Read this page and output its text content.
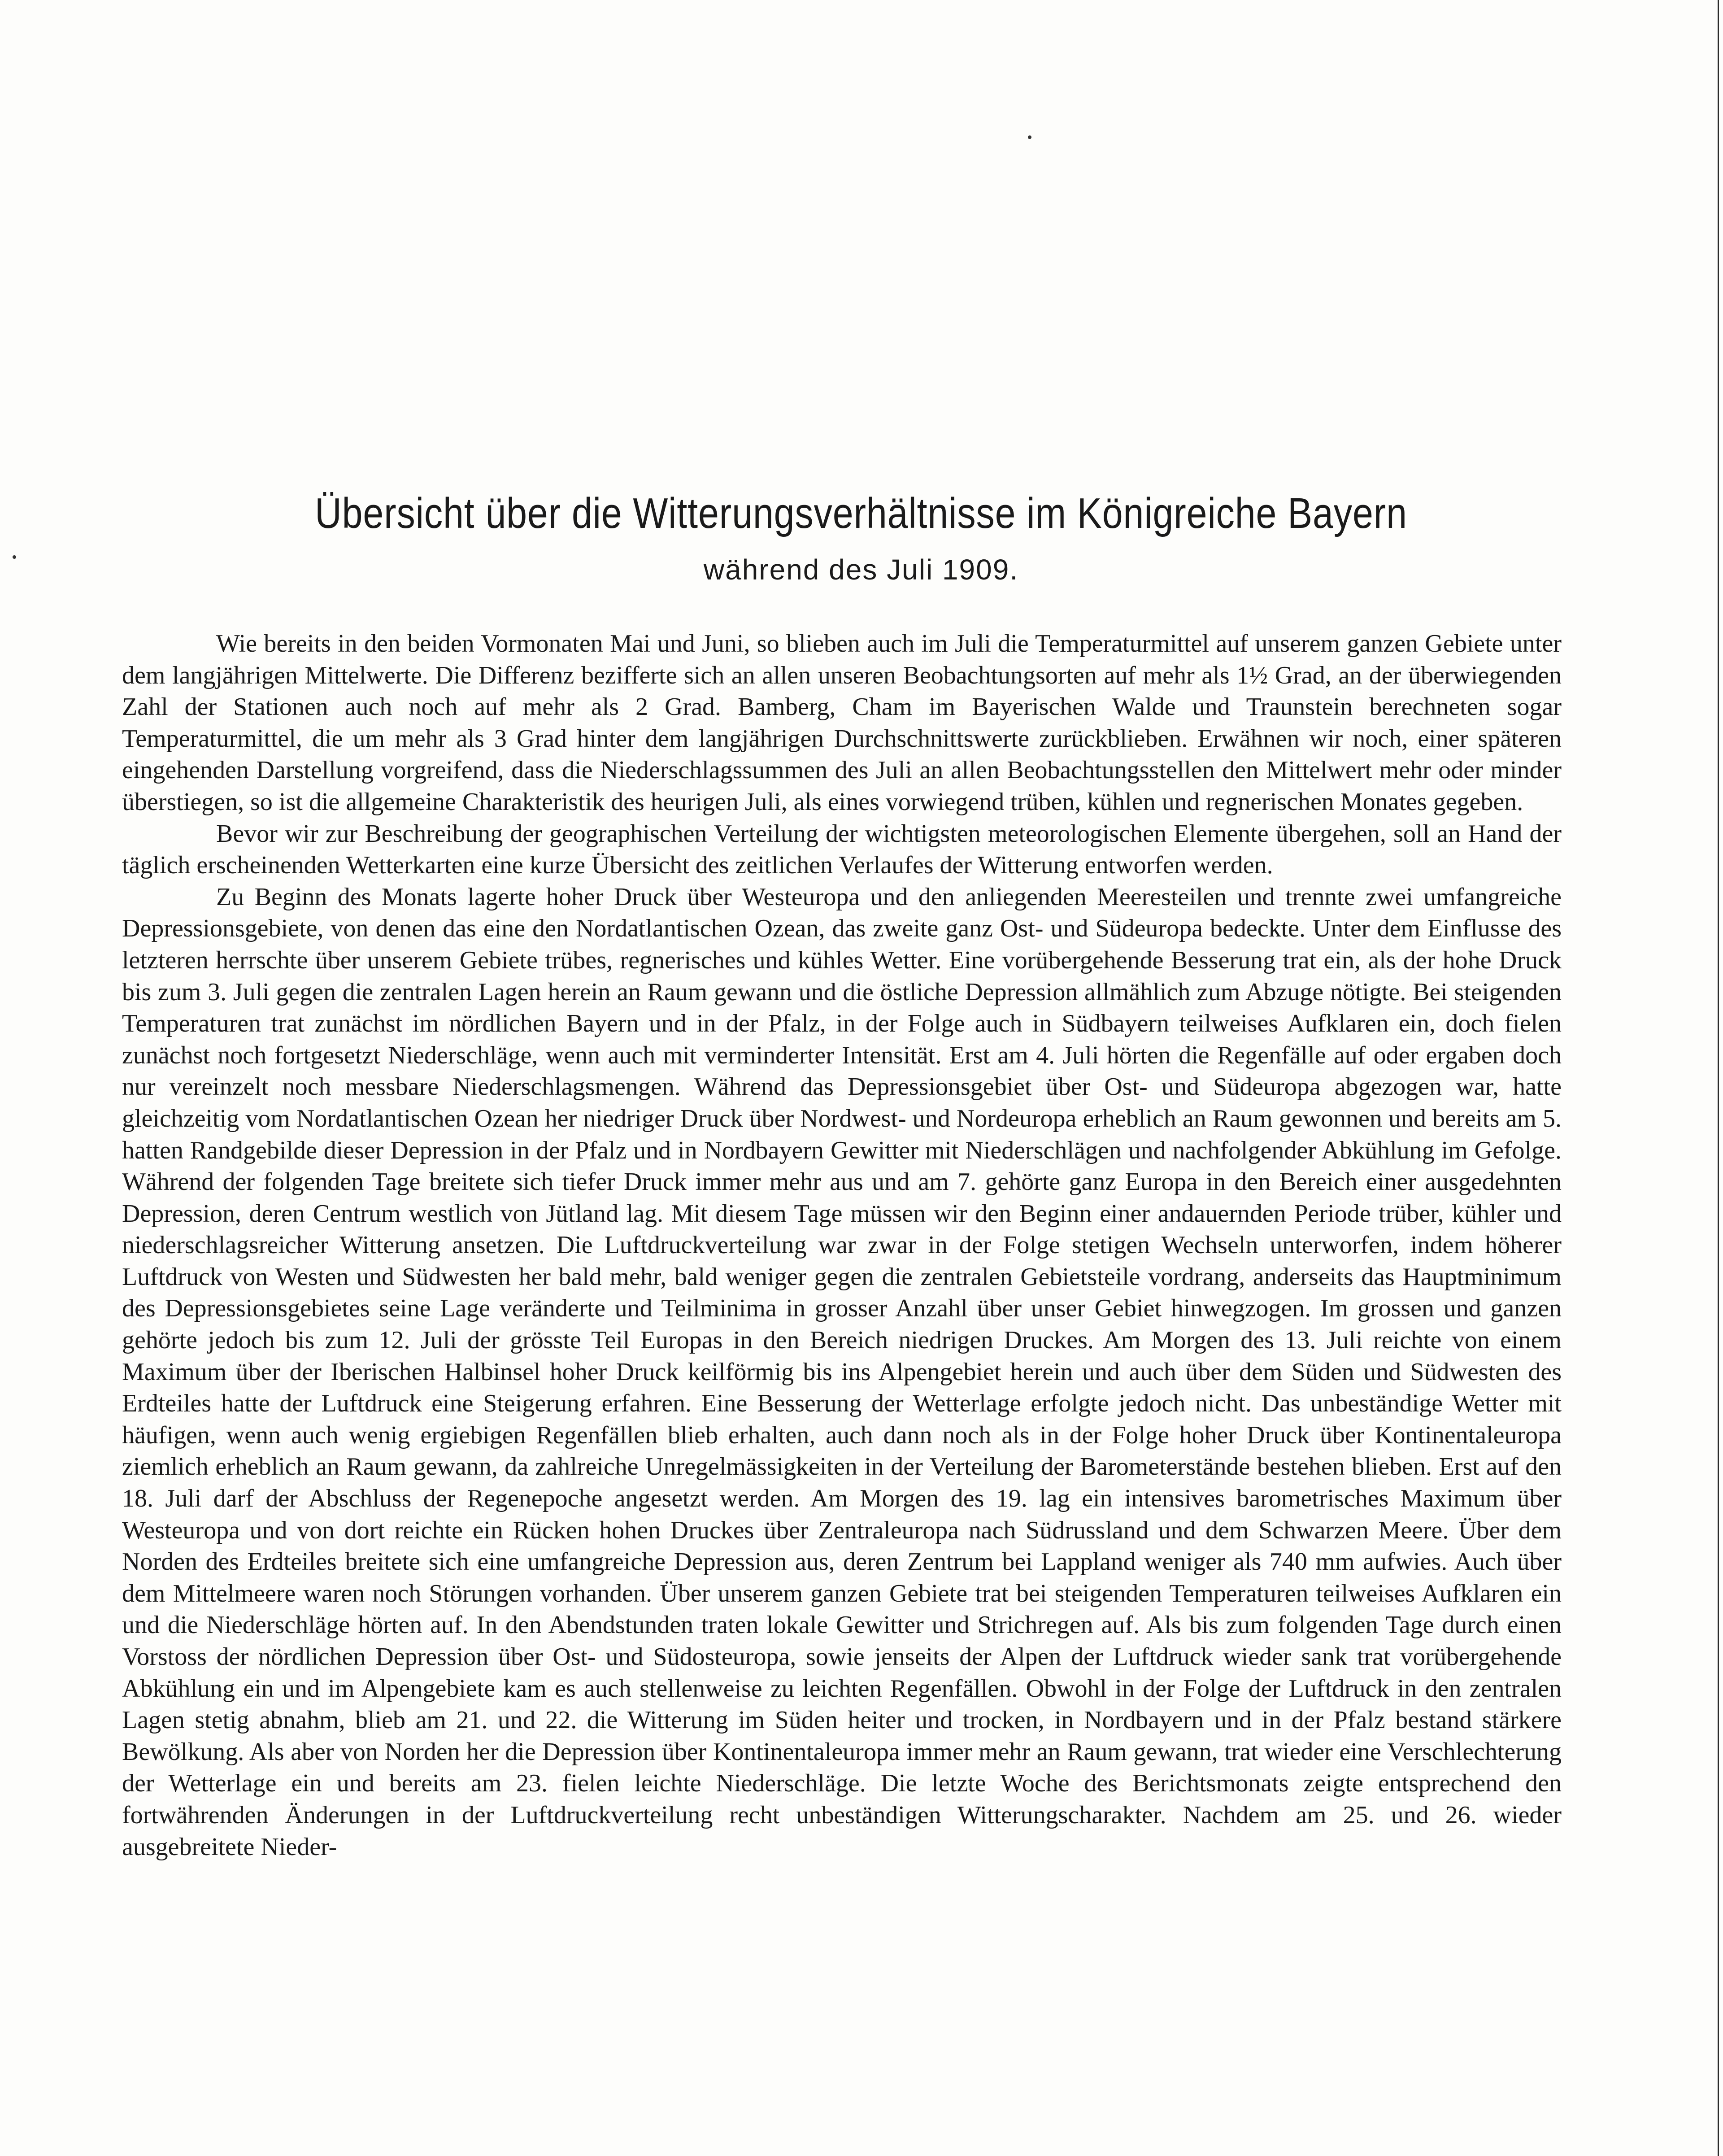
Übersicht über die Witterungsverhältnisse im Königreiche Bayern
während des Juli 1909.

Wie bereits in den beiden Vormonaten Mai und Juni, so blieben auch im Juli die Temperaturmittel auf unserem ganzen Gebiete unter dem langjährigen Mittelwerte. Die Differenz bezifferte sich an allen unseren Beobachtungsorten auf mehr als 1½ Grad, an der überwiegenden Zahl der Stationen auch noch auf mehr als 2 Grad. Bamberg, Cham im Bayerischen Walde und Traunstein berechneten sogar Temperaturmittel, die um mehr als 3 Grad hinter dem langjährigen Durchschnittswerte zurückblieben. Erwähnen wir noch, einer späteren eingehenden Darstellung vorgreifend, dass die Niederschlagssummen des Juli an allen Beobachtungsstellen den Mittelwert mehr oder minder überstiegen, so ist die allgemeine Charakteristik des heurigen Juli, als eines vorwiegend trüben, kühlen und regnerischen Monates gegeben.

Bevor wir zur Beschreibung der geographischen Verteilung der wichtigsten meteorologischen Elemente übergehen, soll an Hand der täglich erscheinenden Wetterkarten eine kurze Übersicht des zeitlichen Verlaufes der Witterung entworfen werden.

Zu Beginn des Monats lagerte hoher Druck über Westeuropa und den anliegenden Meeresteilen und trennte zwei umfangreiche Depressionsgebiete, von denen das eine den Nordatlantischen Ozean, das zweite ganz Ost- und Südeuropa bedeckte. Unter dem Einflusse des letzteren herrschte über unserem Gebiete trübes, regnerisches und kühles Wetter. Eine vorübergehende Besserung trat ein, als der hohe Druck bis zum 3. Juli gegen die zentralen Lagen herein an Raum gewann und die östliche Depression allmählich zum Abzuge nötigte. Bei steigenden Temperaturen trat zunächst im nördlichen Bayern und in der Pfalz, in der Folge auch in Südbayern teilweises Aufklaren ein, doch fielen zunächst noch fortgesetzt Niederschläge, wenn auch mit verminderter Intensität. Erst am 4. Juli hörten die Regenfälle auf oder ergaben doch nur vereinzelt noch messbare Niederschlagsmengen. Während das Depressionsgebiet über Ost- und Südeuropa abgezogen war, hatte gleichzeitig vom Nordatlantischen Ozean her niedriger Druck über Nordwest- und Nordeuropa erheblich an Raum gewonnen und bereits am 5. hatten Randgebilde dieser Depression in der Pfalz und in Nordbayern Gewitter mit Niederschlägen und nachfolgender Abkühlung im Gefolge. Während der folgenden Tage breitete sich tiefer Druck immer mehr aus und am 7. gehörte ganz Europa in den Bereich einer ausgedehnten Depression, deren Centrum westlich von Jütland lag. Mit diesem Tage müssen wir den Beginn einer andauernden Periode trüber, kühler und niederschlagsreicher Witterung ansetzen. Die Luftdruckverteilung war zwar in der Folge stetigen Wechseln unterworfen, indem höherer Luftdruck von Westen und Südwesten her bald mehr, bald weniger gegen die zentralen Gebietsteile vordrang, anderseits das Hauptminimum des Depressionsgebietes seine Lage veränderte und Teilminima in grosser Anzahl über unser Gebiet hinwegzogen. Im grossen und ganzen gehörte jedoch bis zum 12. Juli der grösste Teil Europas in den Bereich niedrigen Druckes. Am Morgen des 13. Juli reichte von einem Maximum über der Iberischen Halbinsel hoher Druck keilförmig bis ins Alpengebiet herein und auch über dem Süden und Südwesten des Erdteiles hatte der Luftdruck eine Steigerung erfahren. Eine Besserung der Wetterlage erfolgte jedoch nicht. Das unbeständige Wetter mit häufigen, wenn auch wenig ergiebigen Regenfällen blieb erhalten, auch dann noch als in der Folge hoher Druck über Kontinentaleuropa ziemlich erheblich an Raum gewann, da zahlreiche Unregelmässigkeiten in der Verteilung der Barometerstände bestehen blieben. Erst auf den 18. Juli darf der Abschluss der Regenepoche angesetzt werden. Am Morgen des 19. lag ein intensives barometrisches Maximum über Westeuropa und von dort reichte ein Rücken hohen Druckes über Zentraleuropa nach Südrussland und dem Schwarzen Meere. Über dem Norden des Erdteiles breitete sich eine umfangreiche Depression aus, deren Zentrum bei Lappland weniger als 740 mm aufwies. Auch über dem Mittelmeere waren noch Störungen vorhanden. Über unserem ganzen Gebiete trat bei steigenden Temperaturen teilweises Aufklaren ein und die Niederschläge hörten auf. In den Abendstunden traten lokale Gewitter und Strichregen auf. Als bis zum folgenden Tage durch einen Vorstoss der nördlichen Depression über Ost- und Südosteuropa, sowie jenseits der Alpen der Luftdruck wieder sank trat vorübergehende Abkühlung ein und im Alpengebiete kam es auch stellenweise zu leichten Regenfällen. Obwohl in der Folge der Luftdruck in den zentralen Lagen stetig abnahm, blieb am 21. und 22. die Witterung im Süden heiter und trocken, in Nordbayern und in der Pfalz bestand stärkere Bewölkung. Als aber von Norden her die Depression über Kontinentaleuropa immer mehr an Raum gewann, trat wieder eine Verschlechterung der Wetterlage ein und bereits am 23. fielen leichte Niederschläge. Die letzte Woche des Berichtsmonats zeigte entsprechend den fortwährenden Änderungen in der Luftdruckverteilung recht unbeständigen Witterungscharakter. Nachdem am 25. und 26. wieder ausgebreitete Nieder-
